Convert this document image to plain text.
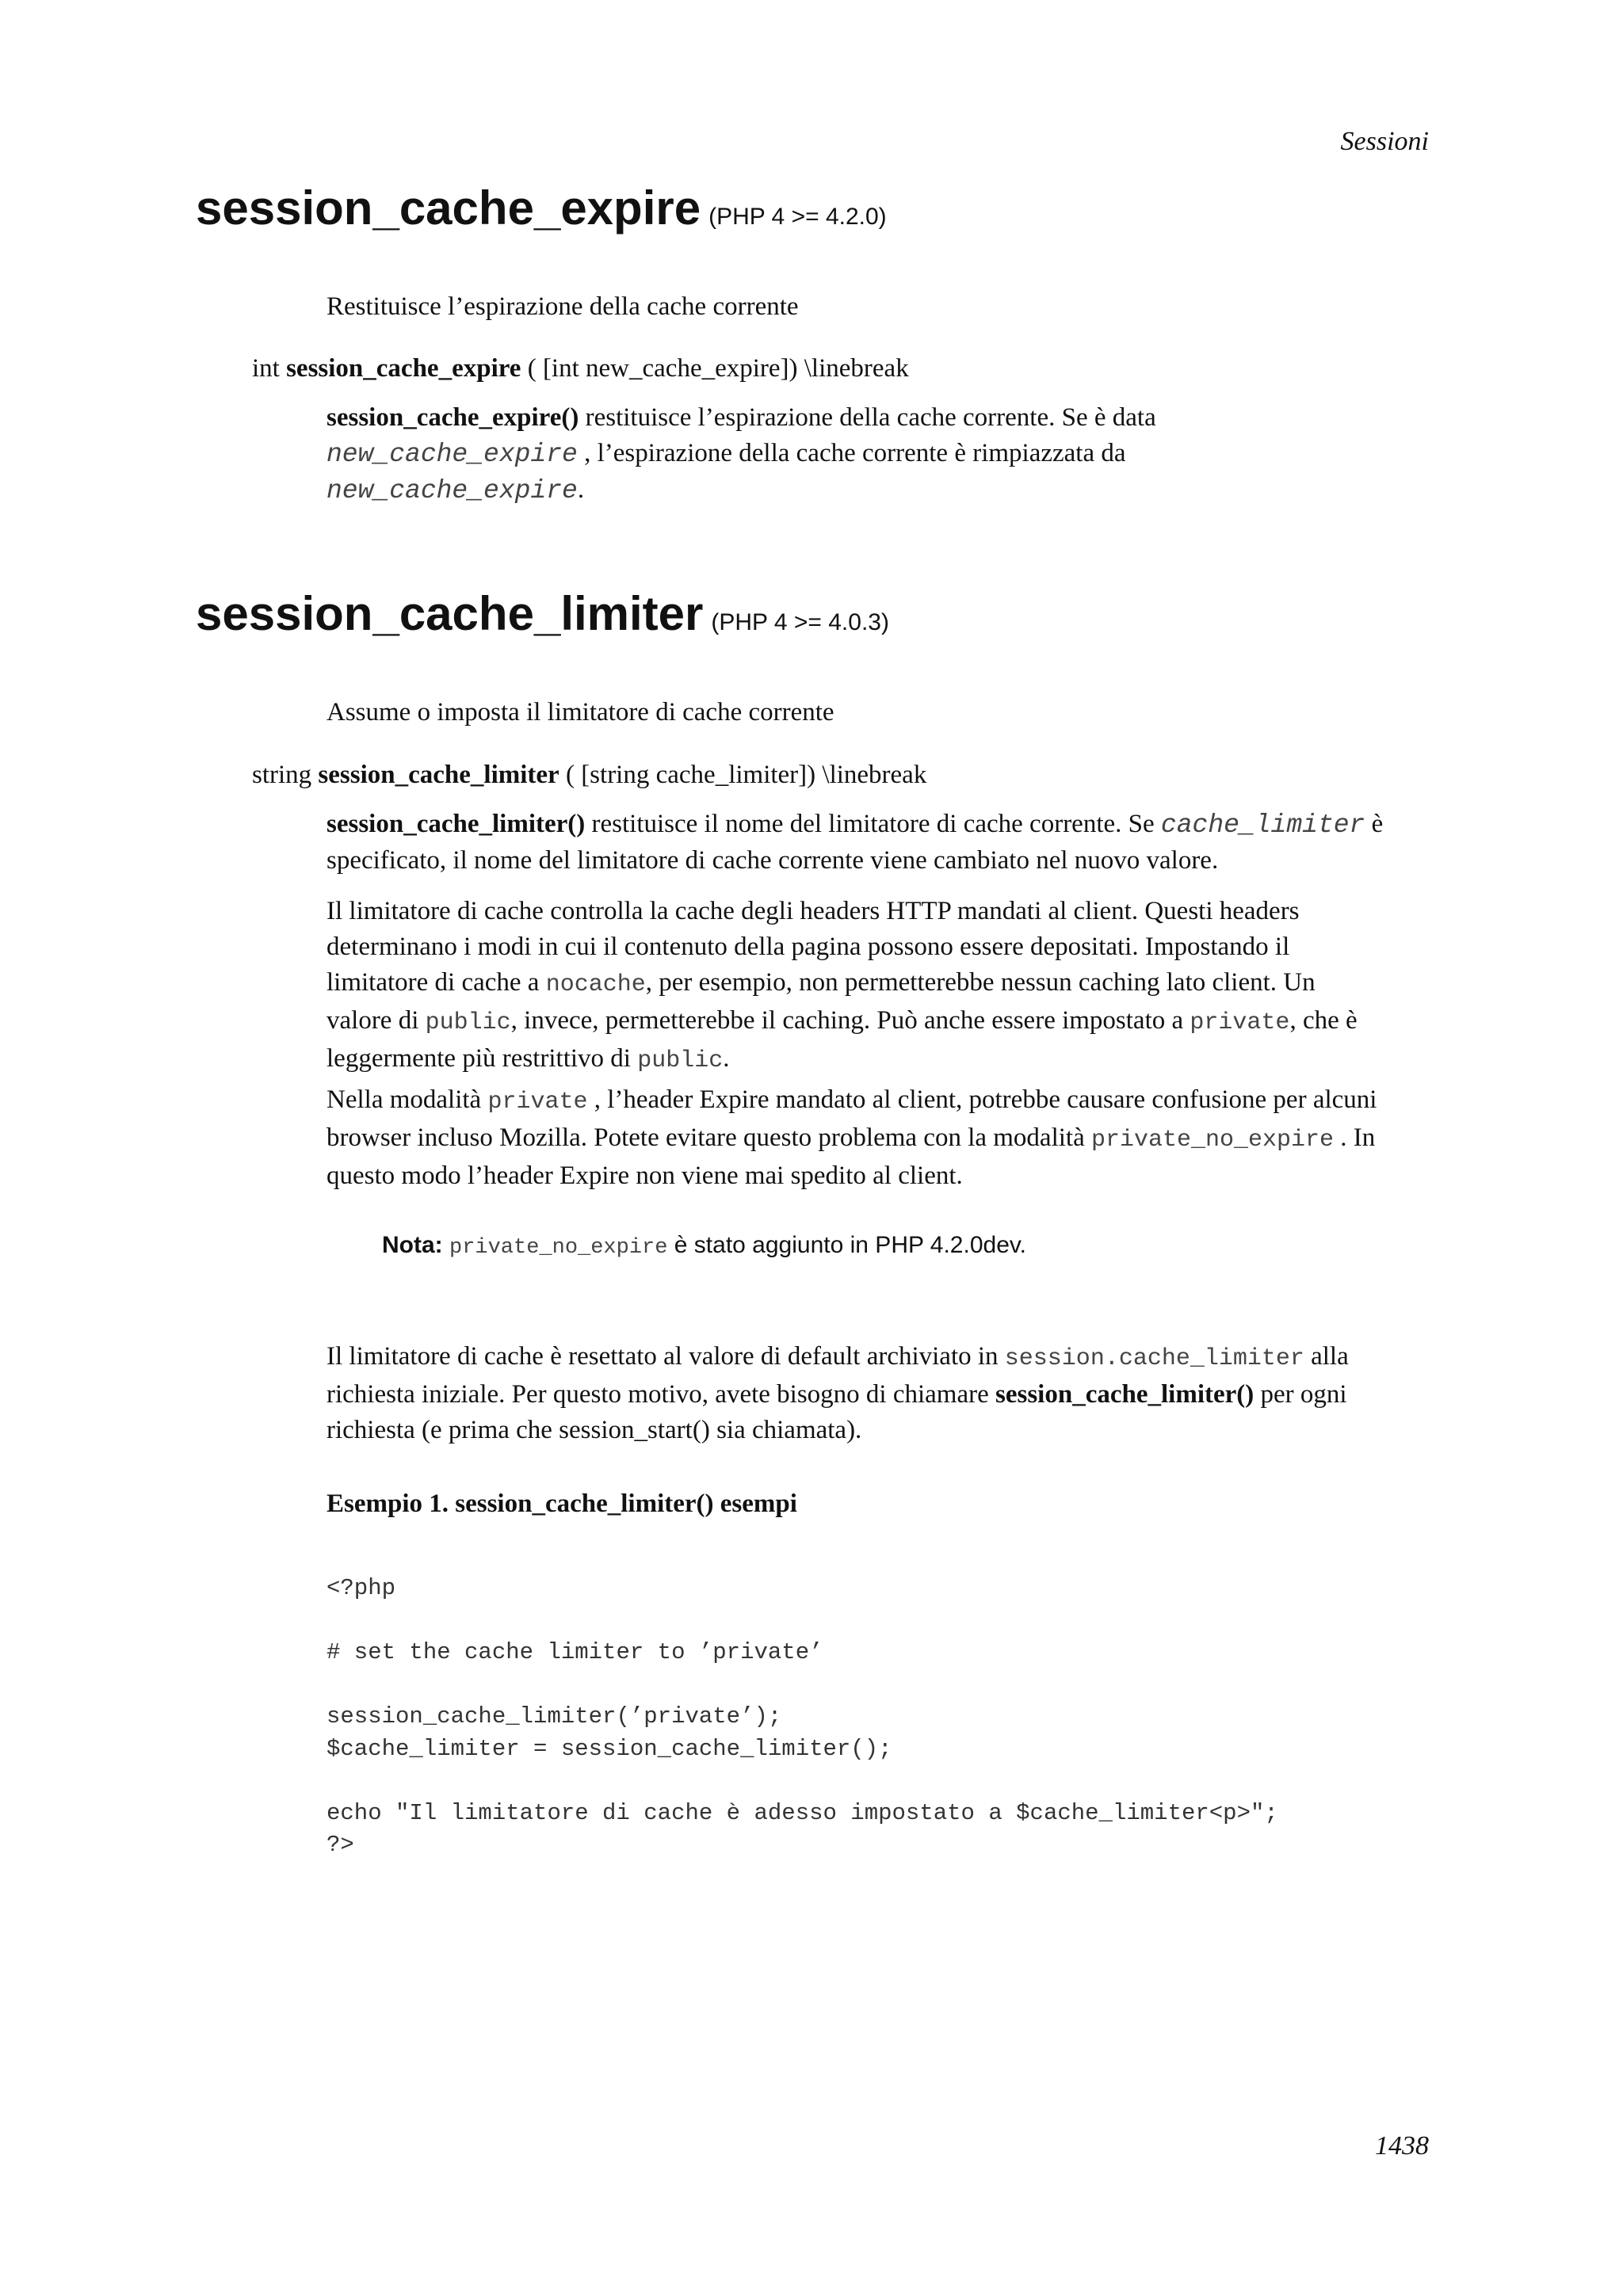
Sessioni
session_cache_expire (PHP 4 >= 4.2.0)
Restituisce l’espirazione della cache corrente
int session_cache_expire ( [int new_cache_expire]) \linebreak
session_cache_expire() restituisce l’espirazione della cache corrente. Se è data
new_cache_expire , l’espirazione della cache corrente è rimpiazzata da
new_cache_expire.
session_cache_limiter (PHP 4 >= 4.0.3)
Assume o imposta il limitatore di cache corrente
string session_cache_limiter ( [string cache_limiter]) \linebreak
session_cache_limiter() restituisce il nome del limitatore di cache corrente. Se cache_limiter è
specificato, il nome del limitatore di cache corrente viene cambiato nel nuovo valore.
Il limitatore di cache controlla la cache degli headers HTTP mandati al client. Questi headers
determinano i modi in cui il contenuto della pagina possono essere depositati. Impostando il
limitatore di cache a nocache, per esempio, non permetterebbe nessun caching lato client. Un
valore di public, invece, permetterebbe il caching. Può anche essere impostato a private, che è
leggermente più restrittivo di public.
Nella modalità private , l’header Expire mandato al client, potrebbe causare confusione per alcuni
browser incluso Mozilla. Potete evitare questo problema con la modalità private_no_expire . In
questo modo l’header Expire non viene mai spedito al client.
Nota: private_no_expire è stato aggiunto in PHP 4.2.0dev.
Il limitatore di cache è resettato al valore di default archiviato in session.cache_limiter alla
richiesta iniziale. Per questo motivo, avete bisogno di chiamare session_cache_limiter() per ogni
richiesta (e prima che session_start() sia chiamata).
Esempio 1. session_cache_limiter() esempi
<?php

# set the cache limiter to ’private’

session_cache_limiter(’private’);
$cache_limiter = session_cache_limiter();

echo "Il limitatore di cache è adesso impostato a $cache_limiter<p>";
?>
1438
